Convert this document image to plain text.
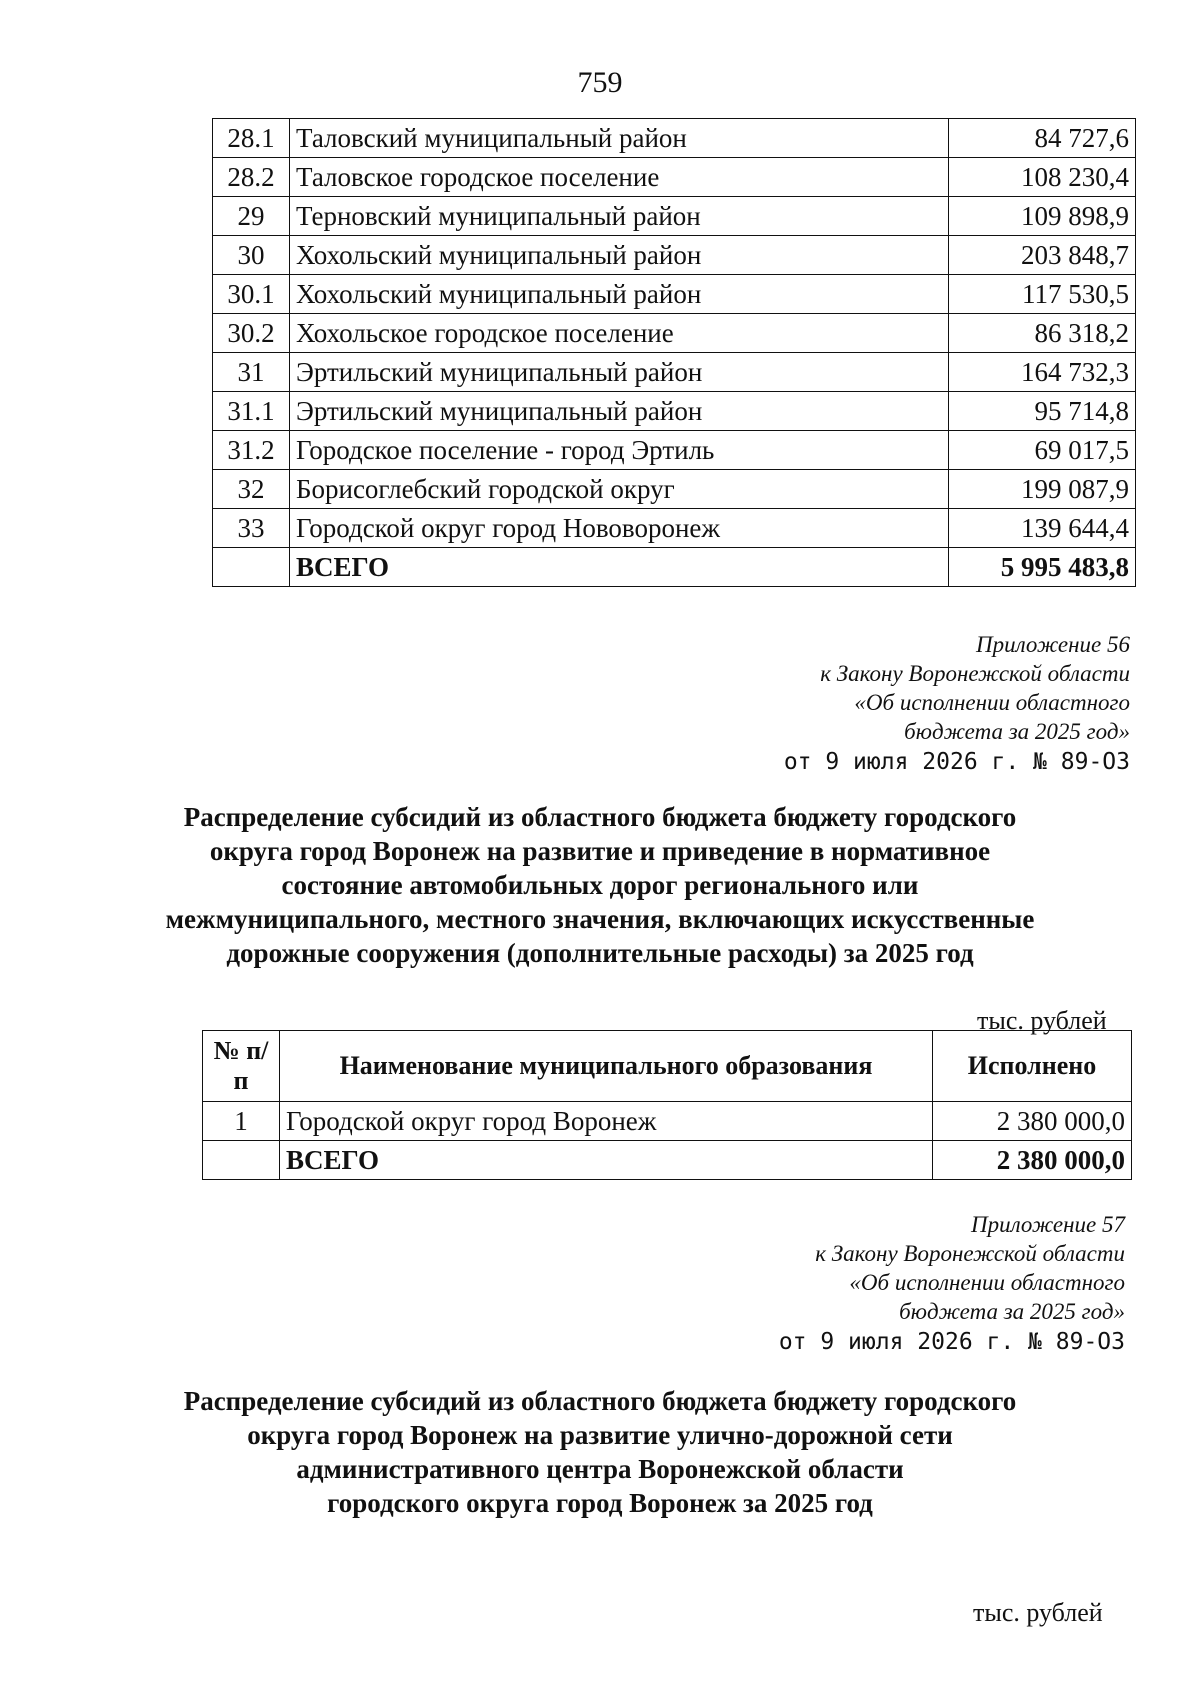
759
28.1	Таловский муниципальный район	84 727,6
28.2	Таловское городское поселение	108 230,4
29	Терновский муниципальный район	109 898,9
30	Хохольский муниципальный район	203 848,7
30.1	Хохольский муниципальный район	117 530,5
30.2	Хохольское городское поселение	86 318,2
31	Эртильский муниципальный район	164 732,3
31.1	Эртильский муниципальный район	95 714,8
31.2	Городское поселение - город Эртиль	69 017,5
32	Борисоглебский городской округ	199 087,9
33	Городской округ город Нововоронеж	139 644,4
	ВСЕГО	5 995 483,8
Приложение 56
к Закону Воронежской области
«Об исполнении областного
бюджета за 2025 год»
от 9 июля 2026 г. № 89-ОЗ
Распределение субсидий из областного бюджета бюджету городского
округа город Воронеж на развитие и приведение в нормативное
состояние автомобильных дорог регионального или
межмуниципального, местного значения, включающих искусственные
дорожные сооружения (дополнительные расходы) за 2025 год
тыс. рублей
№ п/п	Наименование муниципального образования	Исполнено
1	Городской округ город Воронеж	2 380 000,0
	ВСЕГО	2 380 000,0
Приложение 57
к Закону Воронежской области
«Об исполнении областного
бюджета за 2025 год»
от 9 июля 2026 г. № 89-ОЗ
Распределение субсидий из областного бюджета бюджету городского
округа город Воронеж на развитие улично-дорожной сети
административного центра Воронежской области
городского округа город Воронеж за 2025 год
тыс. рублей
